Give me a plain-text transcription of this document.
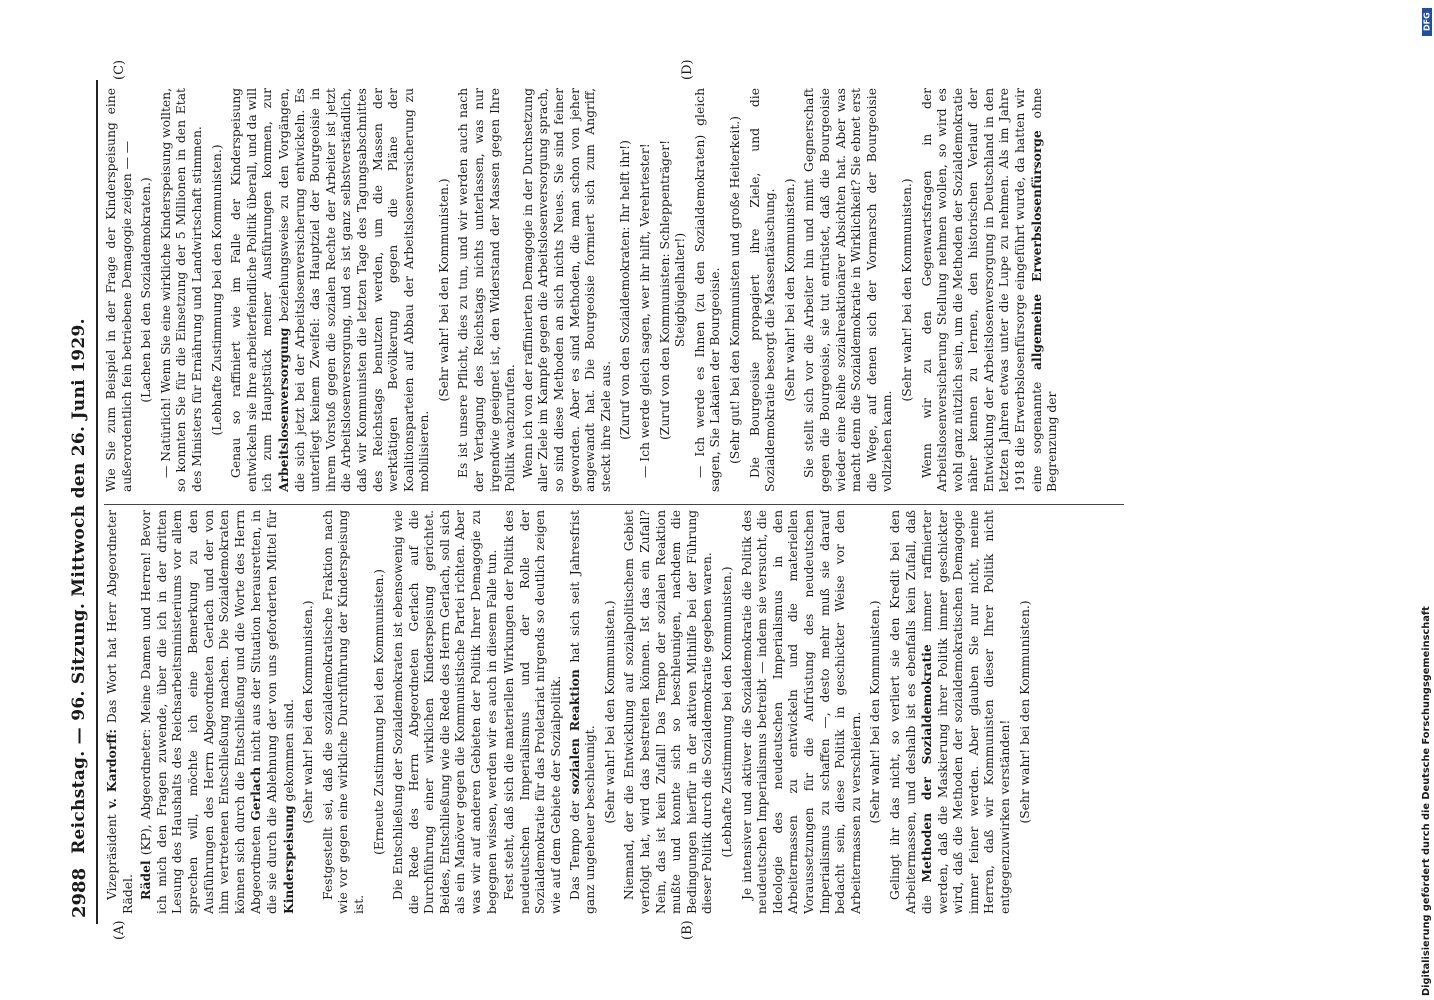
2988
Reichstag. — 96. Sitzung. Mittwoch den 26. Juni 1929.
(A)	(B)
(C)	(D)

Vizepräsident v. Kardorff: Das Wort hat Herr Abgeordneter Rädel. Rädel (KP), Abgeordneter: Meine Damen und Herren! Bevor ich mich den Fragen zuwende, über die ich in der dritten Lesung des Haushalts des Reichsarbeitsministeriums vor allem sprechen will, möchte ich eine Bemerkung zu den Ausführungen des Herrn Abgeordneten Gerlach und der von ihm vertretenen Entschließung machen. Die Sozialdemokraten können sich durch die Entschließung und die Worte des Herrn Abgeordneten Gerlach nicht aus der Situation herausretten, in die sie durch die Ablehnung der von uns geforderten Mittel für Kinderspeisung gekommen sind. (Sehr wahr! bei den Kommunisten.) Festgestellt sei, daß die sozialdemokratische Fraktion nach wie vor gegen eine wirkliche Durchführung der Kinderspeisung ist.

(Erneute Zustimmung bei den Kommunisten.) Die Entschließung der Sozialdemokraten ist ebensowenig wie die Rede des Herrn Abgeordneten Gerlach auf die Durchführung einer wirklichen Kinderspeisung gerichtet. Beides, Entschließung wie die Rede des Herrn Gerlach, soll sich als ein Manöver gegen die Kommunistische Partei richten. Aber was wir auf anderen Gebieten der Politik Ihrer Demagogie zu begegnen wissen, werden wir es auch in diesem Falle tun. Fest steht, daß sich die materiellen Wirkungen der Politik des neudeutschen Imperialismus und der Rolle der Sozialdemokratie für das Proletariat nirgends so deutlich zeigen wie auf dem Gebiete der Sozialpolitik. Das Tempo der sozialen Reaktion hat sich seit Jahresfrist ganz ungeheuer beschleunigt. (Sehr wahr! bei den Kommunisten.) Niemand, der die Entwicklung auf sozialpolitischem Gebiet verfolgt hat, wird das bestreiten können. Ist das ein Zufall? Nein, das ist kein Zufall! Das Tempo der sozialen Reaktion mußte und konnte sich so beschleunigen, nachdem die Bedingungen hierfür in der aktiven Mithilfe bei der Führung dieser Politik durch die Sozialdemokratie gegeben waren. (Lebhafte Zustimmung bei den Kommunisten.) Je intensiver und aktiver die Sozialdemokratie die Politik des neudeutschen Imperialismus betreibt — indem sie versucht, die Ideologie des neudeutschen Imperialismus in den Arbeitermassen zu entwickeln und die materiellen Voraussetzungen für die Aufrüstung des neudeutschen Imperialismus zu schaffen —, desto mehr muß sie darauf bedacht sein, diese Politik in geschickter Weise vor den Arbeitermassen zu verschleiern. (Sehr wahr! bei den Kommunisten.) Gelingt ihr das nicht, so verliert sie den Kredit bei den Arbeitermassen, und deshalb ist es ebenfalls kein Zufall, daß die Methoden der Sozialdemokratie immer raffinierter werden, daß die Maskierung ihrer Politik immer geschickter wird, daß die Methoden der sozialdemokratischen Demagogie immer feiner werden. Aber glauben Sie nur nicht, meine Herren, daß wir Kommunisten dieser Ihrer Politik nicht entgegenzuwirken verständen! (Sehr wahr! bei den Kommunisten.)

Wie Sie zum Beispiel in der Frage der Kinderspeisung eine außerordentlich fein betriebene Demagogie zeigen — — (Lachen bei den Sozialdemokraten.) — Natürlich! Wenn Sie eine wirkliche Kinderspeisung wollten, so konnten Sie für die Einsetzung der 5 Millionen in den Etat des Ministers für Ernährung und Landwirtschaft stimmen. (Lebhafte Zustimmung bei den Kommunisten.) Genau so raffiniert wie im Falle der Kinderspeisung entwickeln sie Ihre arbeiterfeindliche Politik überall, und da will ich zum Hauptstück meiner Ausführungen kommen, zur Arbeitslosenversorgung beziehungsweise zu den Vorgängen, die sich jetzt bei der Arbeitslosenversicherung entwickeln. Es unterliegt keinem Zweifel: das Hauptziel der Bourgeoisie in ihrem Vorstoß gegen die sozialen Rechte der Arbeiter ist jetzt die Arbeitslosenversorgung, und es ist ganz selbstverständlich, daß wir Kommunisten die letzten Tage des Tagungsabschnittes des Reichstags benutzen werden, um die Massen der werktätigen Bevölkerung gegen die Pläne der Koalitionsparteien auf Abbau der Arbeitslosenversicherung zu mobilisieren.

(Sehr wahr! bei den Kommunisten.) Es ist unsere Pflicht, dies zu tun, und wir werden auch nach der Vertagung des Reichstags nichts unterlassen, was nur irgendwie geeignet ist, den Widerstand der Massen gegen Ihre Politik wachzurufen. Wenn ich von der raffinierten Demagogie in der Durchsetzung aller Ziele im Kampfe gegen die Arbeitslosenversorgung sprach, so sind diese Methoden an sich nichts Neues. Sie sind feiner geworden. Aber es sind Methoden, die man schon von jeher angewandt hat. Die Bourgeoisie formiert sich zum Angriff, steckt ihre Ziele aus. (Zuruf von den Sozialdemokraten: Ihr helft ihr!) — Ich werde gleich sagen, wer ihr hilft, Verehrtester! (Zuruf von den Kommunisten: Schleppenträger! Steigbügelhalter!) — Ich werde es Ihnen (zu den Sozialdemokraten) gleich sagen, Sie Lakaien der Bourgeoisie. (Sehr gut! bei den Kommunisten und große Heiterkeit.) Die Bourgeoisie propagiert ihre Ziele, und die Sozialdemokratie besorgt die Massentäuschung. (Sehr wahr! bei den Kommunisten.) Sie stellt sich vor die Arbeiter hin und mimt Gegnerschaft gegen die Bourgeoisie, sie tut entrüstet, daß die Bourgeoisie wieder eine Reihe sozialreaktionärer Absichten hat. Aber was macht denn die Sozialdemokratie in Wirklichkeit? Sie ebnet erst die Wege, auf denen sich der Vormarsch der Bourgeoisie vollziehen kann.

(Sehr wahr! bei den Kommunisten.) Wenn wir zu den Gegenwartsfragen in der Arbeitslosenversicherung Stellung nehmen wollen, so wird es wohl ganz nützlich sein, um die Methoden der Sozialdemokratie näher kennen zu lernen, den historischen Verlauf der Entwicklung der Arbeitslosenversorgung in Deutschland in den letzten Jahren etwas unter die Lupe zu nehmen. Als im Jahre 1918 die Erwerbslosenfürsorge eingeführt wurde, da hatten wir eine sogenannte allgemeine Erwerbslosenfürsorge ohne Begrenzung der

DFG
Digitalisierung gefördert durch die Deutsche Forschungsgemeinschaft
